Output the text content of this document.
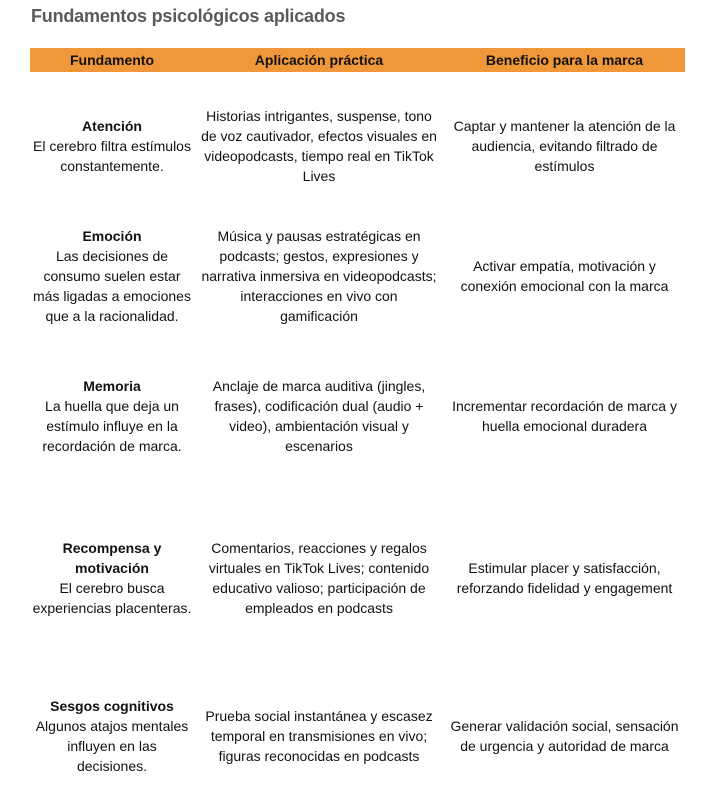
Fundamentos psicológicos aplicados
Fundamento	Aplicación práctica	Beneficio para la marca
Atención
El cerebro filtra estímulos constantemente.
Historias intrigantes, suspense, tono de voz cautivador, efectos visuales en videopodcasts, tiempo real en TikTok Lives
Captar y mantener la atención de la audiencia, evitando filtrado de estímulos
Emoción
Las decisiones de consumo suelen estar más ligadas a emociones que a la racionalidad.
Música y pausas estratégicas en podcasts; gestos, expresiones y narrativa inmersiva en videopodcasts; interacciones en vivo con gamificación
Activar empatía, motivación y conexión emocional con la marca
Memoria
La huella que deja un estímulo influye en la recordación de marca.
Anclaje de marca auditiva (jingles, frases), codificación dual (audio + video), ambientación visual y escenarios
Incrementar recordación de marca y huella emocional duradera
Recompensa y motivación
El cerebro busca experiencias placenteras.
Comentarios, reacciones y regalos virtuales en TikTok Lives; contenido educativo valioso; participación de empleados en podcasts
Estimular placer y satisfacción, reforzando fidelidad y engagement
Sesgos cognitivos
Algunos atajos mentales influyen en las decisiones.
Prueba social instantánea y escasez temporal en transmisiones en vivo; figuras reconocidas en podcasts
Generar validación social, sensación de urgencia y autoridad de marca
